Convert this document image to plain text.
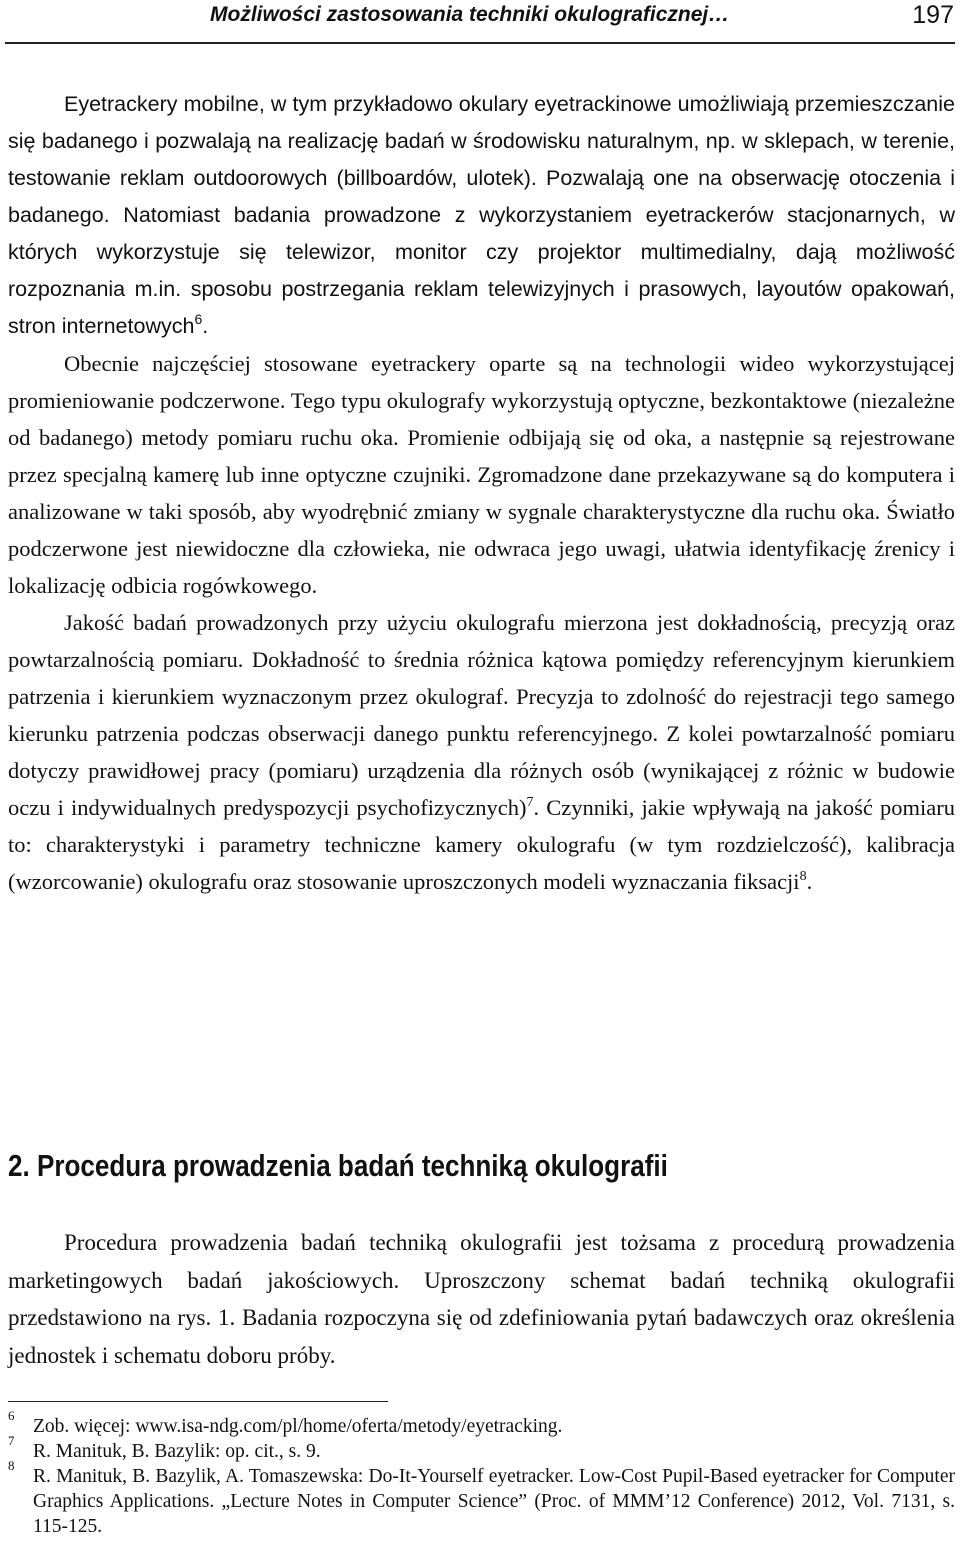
Możliwości zastosowania techniki okulograficznej…	197

Eyetrackery mobilne, w tym przykładowo okulary eyetrackinowe umożliwiają przemieszczanie się badanego i pozwalają na realizację badań w środowisku naturalnym, np. w sklepach, w terenie, testowanie reklam outdoorowych (billboardów, ulotek). Pozwalają one na obserwację otoczenia i badanego. Natomiast badania prowadzone z wykorzystaniem eyetrackerów stacjonarnych, w których wykorzystuje się telewizor, monitor czy projektor multimedialny, dają możliwość rozpoznania m.in. sposobu postrzegania reklam telewizyjnych i prasowych, layoutów opakowań, stron internetowych$^6$.

Obecnie najczęściej stosowane eyetrackery oparte są na technologii wideo wykorzystującej promieniowanie podczerwone. Tego typu okulografy wykorzystują optyczne, bezkontaktowe (niezależne od badanego) metody pomiaru ruchu oka. Promienie odbijają się od oka, a następnie są rejestrowane przez specjalną kamerę lub inne optyczne czujniki. Zgromadzone dane przekazywane są do komputera i analizowane w taki sposób, aby wyodrębnić zmiany w sygnale charakterystyczne dla ruchu oka. Światło podczerwone jest niewidoczne dla człowieka, nie odwraca jego uwagi, ułatwia identyfikację źrenicy i lokalizację odbicia rogówkowego.

Jakość badań prowadzonych przy użyciu okulografu mierzona jest dokładnością, precyzją oraz powtarzalnością pomiaru. Dokładność to średnia różnica kątowa pomiędzy referencyjnym kierunkiem patrzenia i kierunkiem wyznaczonym przez okulograf. Precyzja to zdolność do rejestracji tego samego kierunku patrzenia podczas obserwacji danego punktu referencyjnego. Z kolei powtarzalność pomiaru dotyczy prawidłowej pracy (pomiaru) urządzenia dla różnych osób (wynikającej z różnic w budowie oczu i indywidualnych predyspozycji psychofizycznych)$^7$. Czynniki, jakie wpływają na jakość pomiaru to: charakterystyki i parametry techniczne kamery okulografu (w tym rozdzielczość), kalibracja (wzorcowanie) okulografu oraz stosowanie uproszczonych modeli wyznaczania fiksacji$^8$.

2. Procedura prowadzenia badań techniką okulografii

Procedura prowadzenia badań techniką okulografii jest tożsama z procedurą prowadzenia marketingowych badań jakościowych. Uproszczony schemat badań techniką okulografii przedstawiono na rys. 1. Badania rozpoczyna się od zdefiniowania pytań badawczych oraz określenia jednostek i schematu doboru próby.

6
Zob. więcej: www.isa-ndg.com/pl/home/oferta/metody/eyetracking.
7
R. Manituk, B. Bazylik: op. cit., s. 9.
8
R. Manituk, B. Bazylik, A. Tomaszewska: Do-It-Yourself eyetracker. Low-Cost Pupil-Based eyetracker for Computer Graphics Applications. „Lecture Notes in Computer Science” (Proc. of MMM’12 Conference) 2012, Vol. 7131, s. 115-125.
